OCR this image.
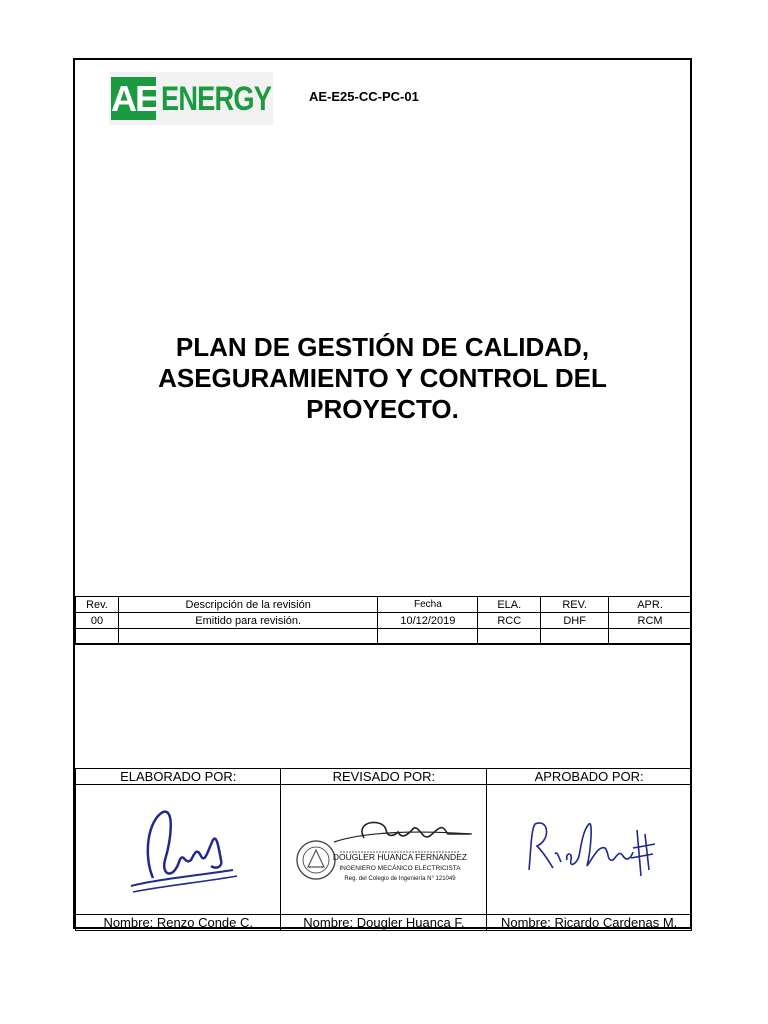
AE ENERGY	AE-E25-CC-PC-01
PLAN DE GESTIÓN DE CALIDAD,
ASEGURAMIENTO Y CONTROL DEL
PROYECTO.
Rev.	Descripción de la revisión	Fecha	ELA.	REV.	APR.
00	Emitido para revisión.	10/12/2019	RCC	DHF	RCM

ELABORADO POR:	REVISADO POR:	APROBADO POR:

DOUGLER HUANCA FERNANDEZ
INGENIERO MECÁNICO ELECTRICISTA
Reg. del Colegio de Ingeniería N° 121049

Nombre: Renzo Conde C.	Nombre: Dougler Huanca F.	Nombre: Ricardo Cardenas M.
